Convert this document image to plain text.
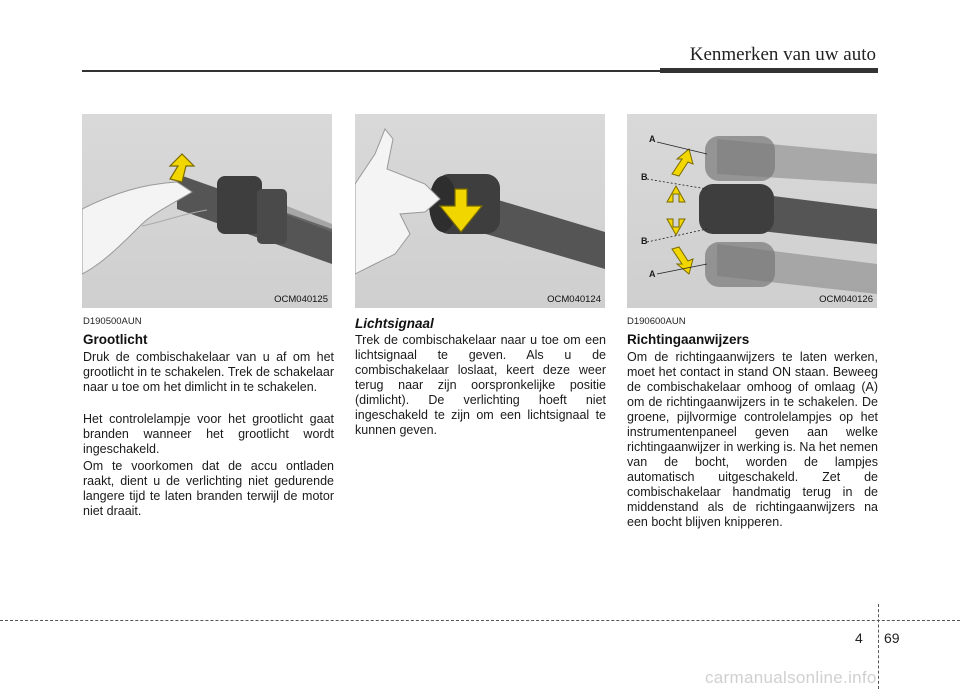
Kenmerken van uw auto
OCM040125	OCM040124
A
B
B
A
OCM040126
D190500AUN
Grootlicht

Druk de combischakelaar van u af om het grootlicht in te schakelen. Trek de schakelaar naar u toe om het dimlicht in te schakelen.

Het controlelampje voor het grootlicht gaat branden wanneer het grootlicht wordt ingeschakeld.

Om te voorkomen dat de accu ontladen raakt, dient u de verlichting niet gedurende langere tijd te laten branden terwijl de motor niet draait.

Lichtsignaal

Trek de combischakelaar naar u toe om een lichtsignaal te geven. Als u de combischakelaar loslaat, keert deze weer terug naar zijn oorspronkelijke positie (dimlicht). De verlichting hoeft niet ingeschakeld te zijn om een lichtsignaal te kunnen geven.

D190600AUN
Richtingaanwijzers

Om de richtingaanwijzers te laten werken, moet het contact in stand ON staan. Beweeg de combischakelaar omhoog of omlaag (A) om de richtingaanwijzers in te schakelen. De groene, pijlvormige controlelampjes op het instrumentenpaneel geven aan welke richtingaanwijzer in werking is. Na het nemen van de bocht, worden de lampjes automatisch uitgeschakeld. Zet de combischakelaar handmatig terug in de middenstand als de richtingaanwijzers na een bocht blijven knipperen.

4 69
carmanualsonline.info
